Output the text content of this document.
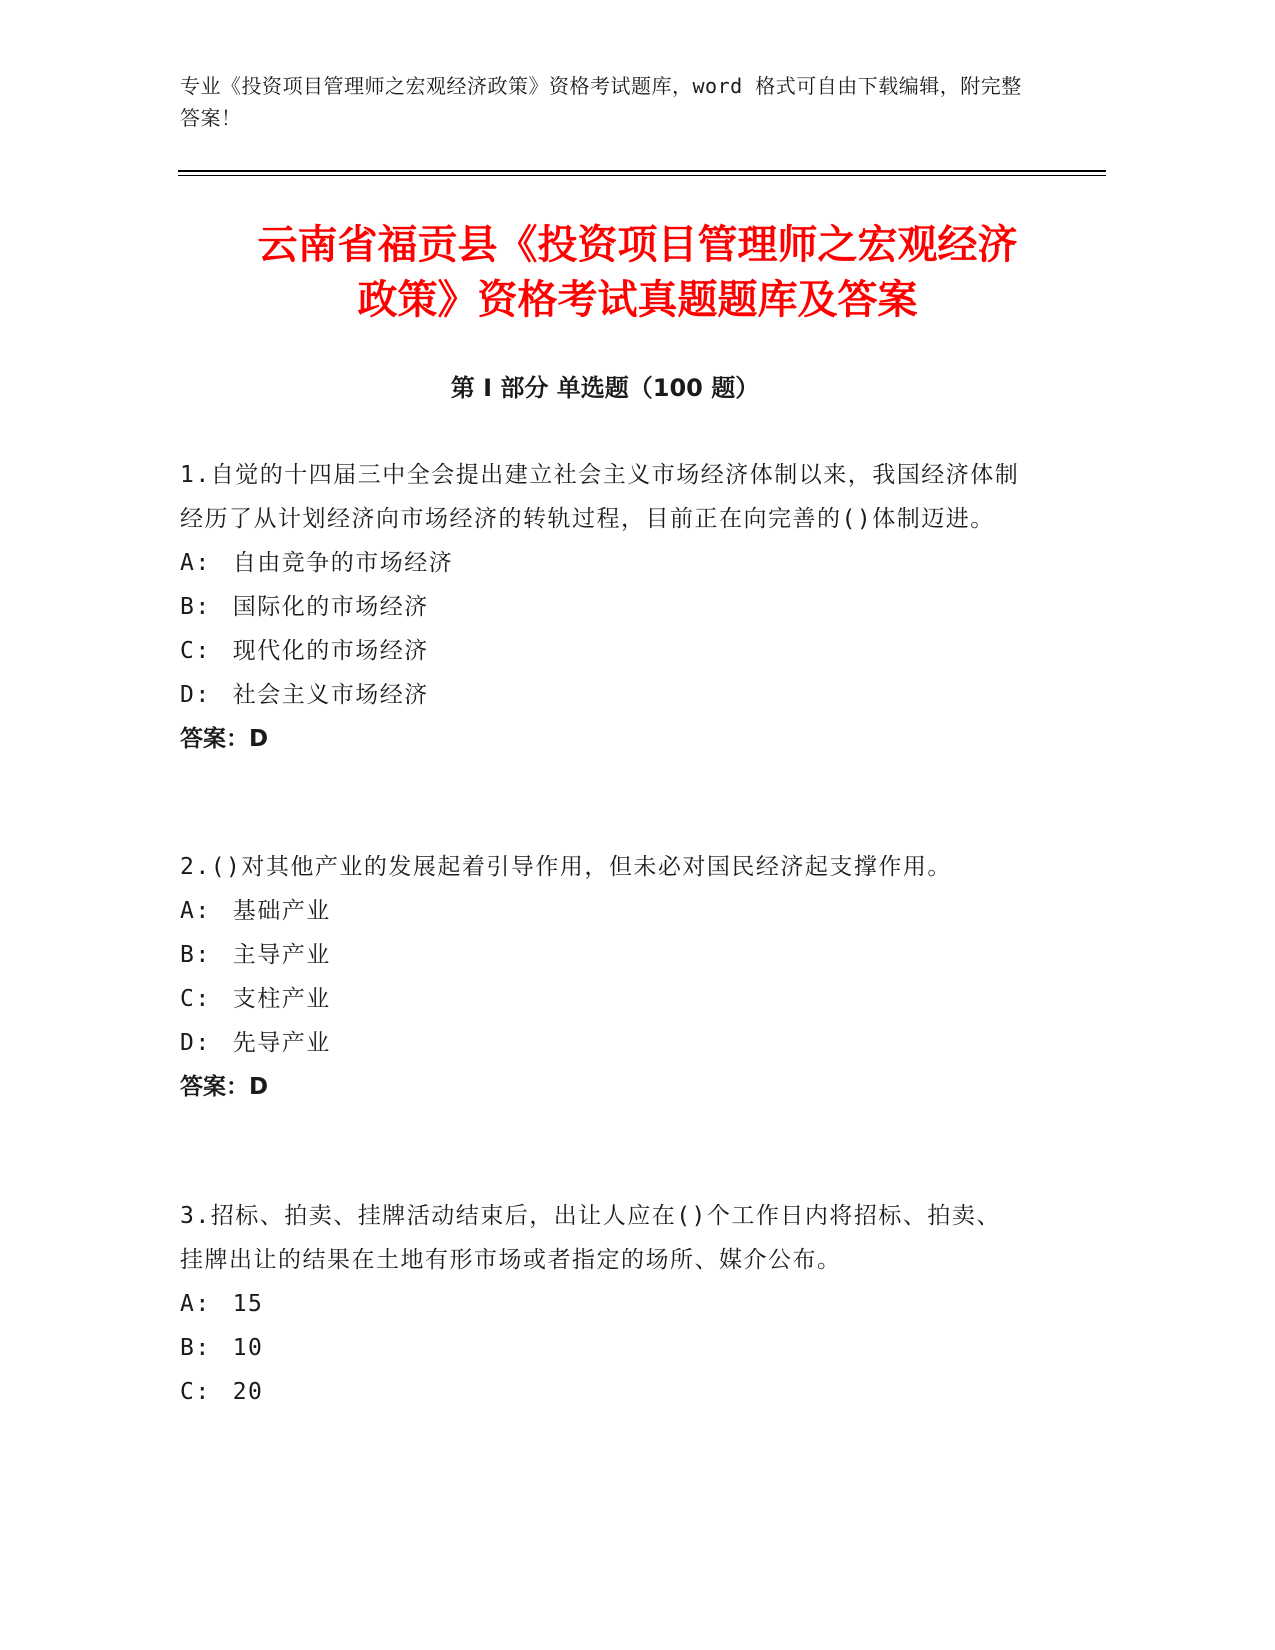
专业《投资项目管理师之宏观经济政策》资格考试题库，word 格式可自由下载编辑，附完整答案！
云南省福贡县《投资项目管理师之宏观经济
政策》资格考试真题题库及答案
第 I 部分 单选题（100 题）
1.自觉的十四届三中全会提出建立社会主义市场经济体制以来，我国经济体制经历了从计划经济向市场经济的转轨过程，目前正在向完善的()体制迈进。
A: 自由竞争的市场经济
B: 国际化的市场经济
C: 现代化的市场经济
D: 社会主义市场经济
答案：D
2.()对其他产业的发展起着引导作用，但未必对国民经济起支撑作用。
A: 基础产业
B: 主导产业
C: 支柱产业
D: 先导产业
答案：D
3.招标、拍卖、挂牌活动结束后，出让人应在()个工作日内将招标、拍卖、挂牌出让的结果在土地有形市场或者指定的场所、媒介公布。
A: 15
B: 10
C: 20
